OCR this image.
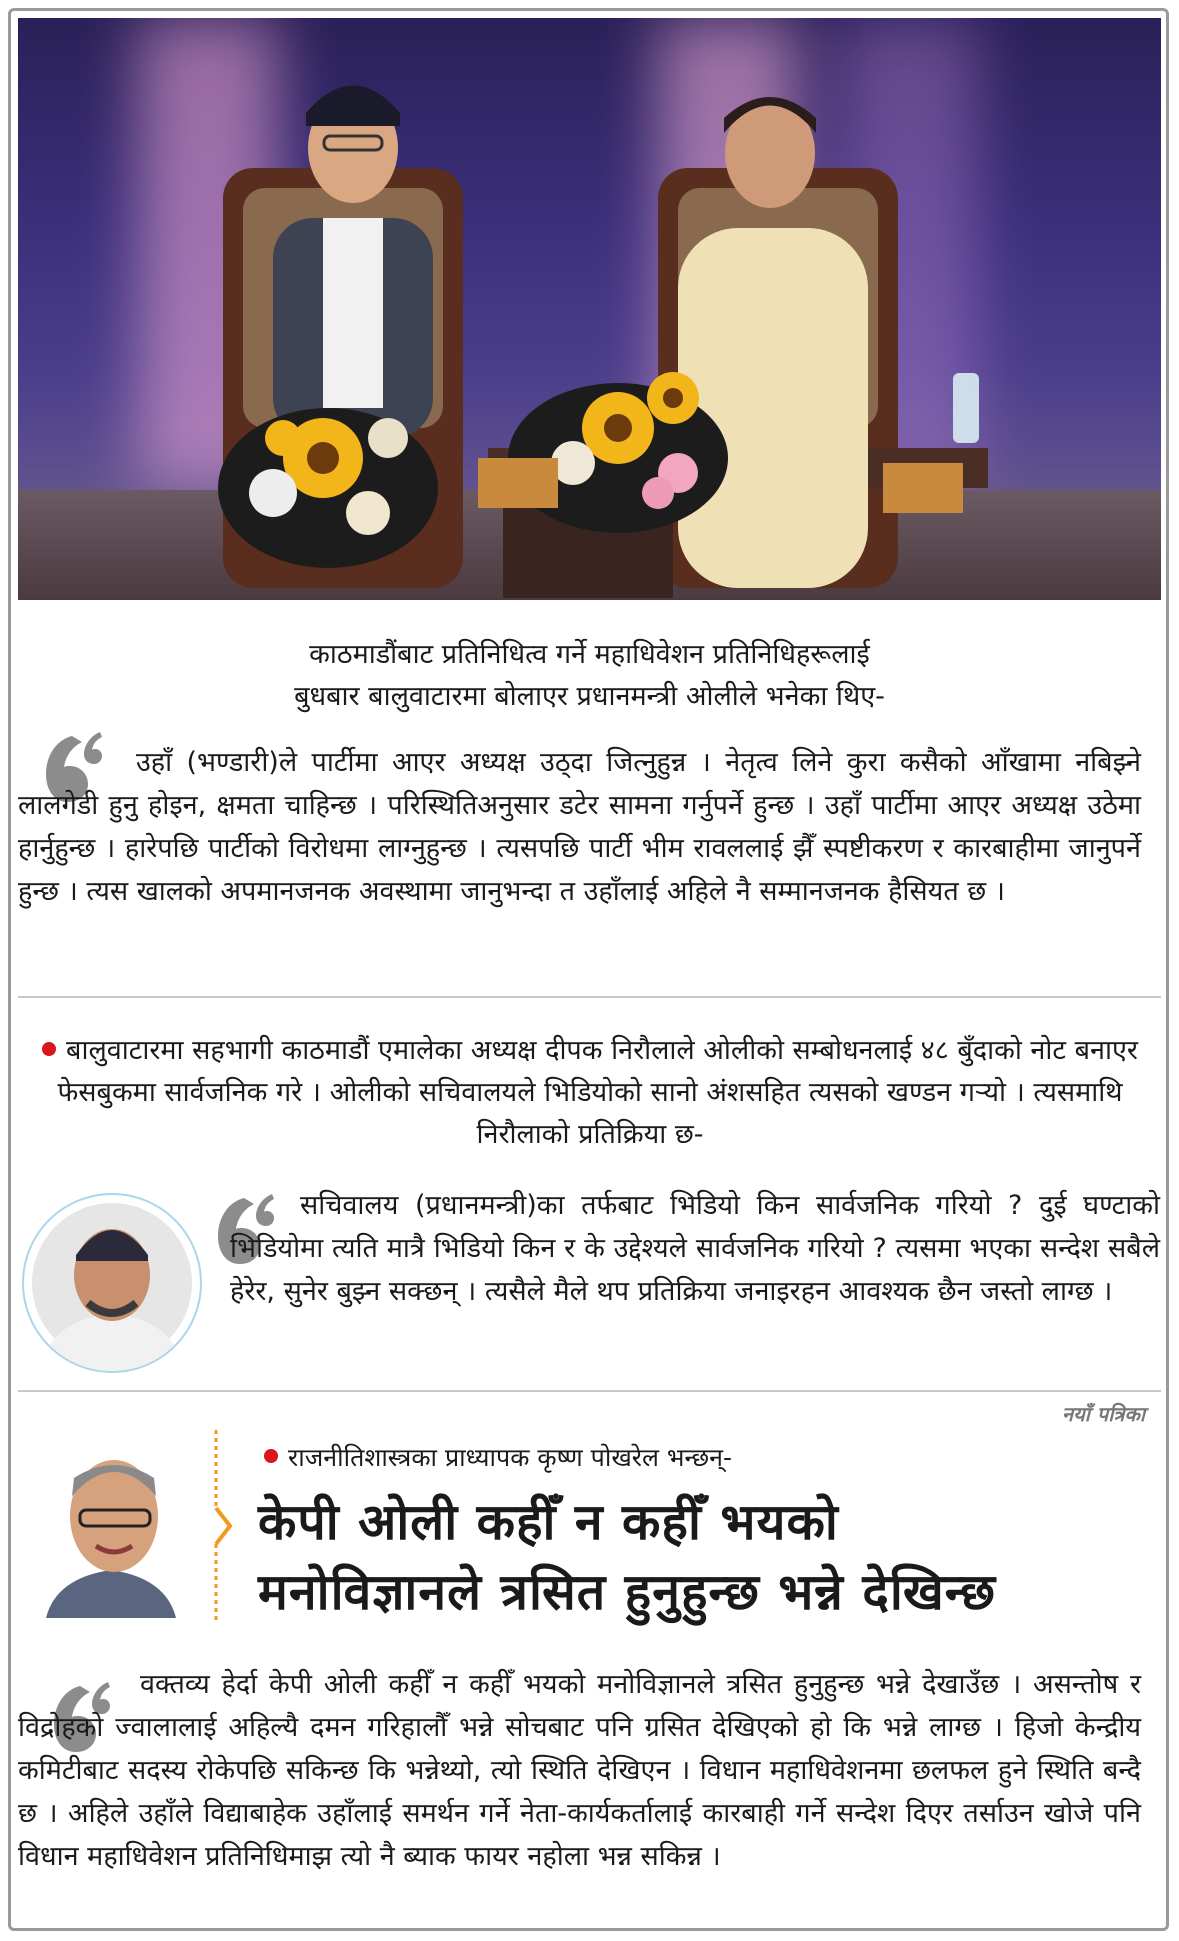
काठमाडौंबाट प्रतिनिधित्व गर्ने महाधिवेशन प्रतिनिधिहरूलाई
बुधबार बालुवाटारमा बोलाएर प्रधानमन्त्री ओलीले भनेका थिए-
उहाँ (भण्डारी)ले पार्टीमा आएर अध्यक्ष उठ्दा जित्नुहुन्न । नेतृत्व लिने कुरा कसैको आँखामा नबिझ्ने लालगेडी हुनु होइन, क्षमता चाहिन्छ । परिस्थितिअनुसार डटेर सामना गर्नुपर्ने हुन्छ । उहाँ पार्टीमा आएर अध्यक्ष उठेमा हार्नुहुन्छ । हारेपछि पार्टीको विरोधमा लाग्नुहुन्छ । त्यसपछि पार्टी भीम रावललाई झैँ स्पष्टीकरण र कारबाहीमा जानुपर्ने हुन्छ । त्यस खालको अपमानजनक अवस्थामा जानुभन्दा त उहाँलाई अहिले नै सम्मानजनक हैसियत छ ।
बालुवाटारमा सहभागी काठमाडौं एमालेका अध्यक्ष दीपक निरौलाले ओलीको सम्बोधनलाई ४८ बुँदाको नोट बनाएर फेसबुकमा सार्वजनिक गरे । ओलीको सचिवालयले भिडियोको सानो अंशसहित त्यसको खण्डन गर्‍यो । त्यसमाथि निरौलाको प्रतिक्रिया छ-
सचिवालय (प्रधानमन्त्री)का तर्फबाट भिडियो किन सार्वजनिक गरियो ? दुई घण्टाको भिडियोमा त्यति मात्रै भिडियो किन र के उद्देश्यले सार्वजनिक गरियो ? त्यसमा भएका सन्देश सबैले हेरेर, सुनेर बुझ्न सक्छन् । त्यसैले मैले थप प्रतिक्रिया जनाइरहन आवश्यक छैन जस्तो लाग्छ ।
नयाँ पत्रिका
राजनीतिशास्त्रका प्राध्यापक कृष्ण पोखरेल भन्छन्-
केपी ओली कहीँ न कहीँ भयको
मनोविज्ञानले त्रसित हुनुहुन्छ भन्ने देखिन्छ
वक्तव्य हेर्दा केपी ओली कहीँ न कहीँ भयको मनोविज्ञानले त्रसित हुनुहुन्छ भन्ने देखाउँछ । असन्तोष र विद्रोहको ज्वालालाई अहिल्यै दमन गरिहालौँ भन्ने सोचबाट पनि ग्रसित देखिएको हो कि भन्ने लाग्छ । हिजो केन्द्रीय कमिटीबाट सदस्य रोकेपछि सकिन्छ कि भन्नेथ्यो, त्यो स्थिति देखिएन । विधान महाधिवेशनमा छलफल हुने स्थिति बन्दै छ । अहिले उहाँले विद्याबाहेक उहाँलाई समर्थन गर्ने नेता-कार्यकर्तालाई कारबाही गर्ने सन्देश दिएर तर्साउन खोजे पनि विधान महाधिवेशन प्रतिनिधिमाझ त्यो नै ब्याक फायर नहोला भन्न सकिन्न ।
